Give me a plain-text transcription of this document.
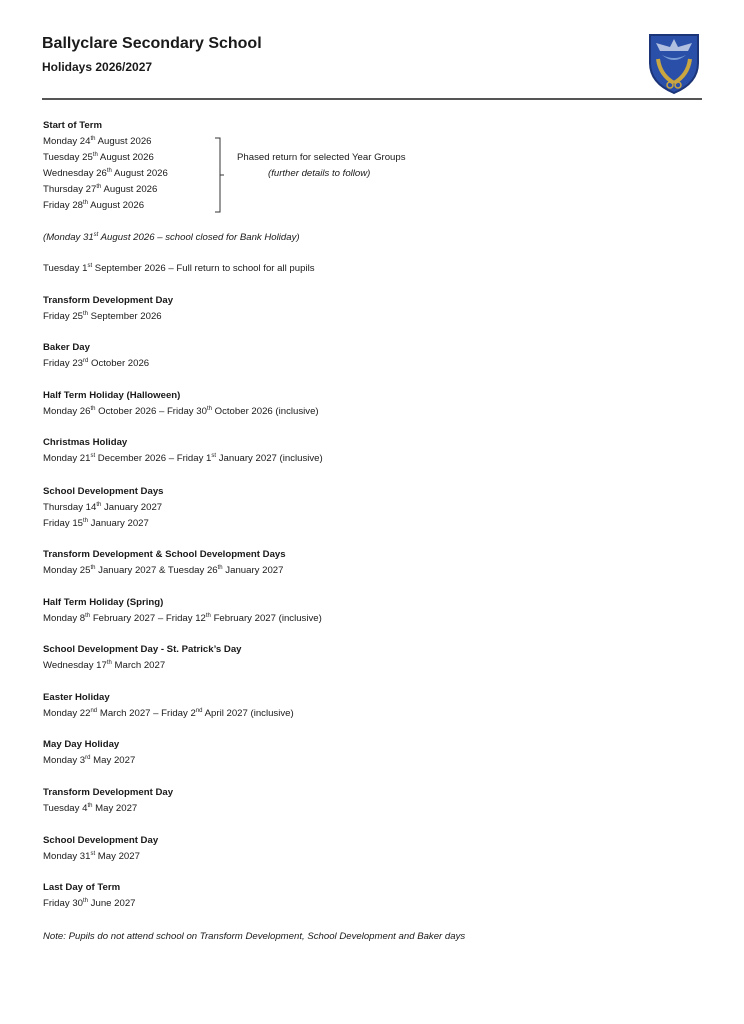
Ballyclare Secondary School
Holidays 2026/2027
Start of Term
Monday 24th August 2026
Tuesday 25th August 2026
Wednesday 26th August 2026
Thursday 27th August 2026
Friday 28th August 2026
Phased return for selected Year Groups
(further details to follow)
(Monday 31st August 2026 – school closed for Bank Holiday)
Tuesday 1st September 2026 – Full return to school for all pupils
Transform Development Day
Friday 25th September 2026
Baker Day
Friday 23rd October 2026
Half Term Holiday (Halloween)
Monday 26th October 2026 – Friday 30th October 2026 (inclusive)
Christmas Holiday
Monday 21st December 2026 – Friday 1st January 2027 (inclusive)
School Development Days
Thursday 14th January 2027
Friday 15th January 2027
Transform Development & School Development Days
Monday 25th January 2027 & Tuesday 26th January 2027
Half Term Holiday (Spring)
Monday 8th February 2027 – Friday 12th February 2027 (inclusive)
School Development Day - St. Patrick’s Day
Wednesday 17th March 2027
Easter Holiday
Monday 22nd March 2027 – Friday 2nd April 2027 (inclusive)
May Day Holiday
Monday 3rd May 2027
Transform Development Day
Tuesday 4th May 2027
School Development Day
Monday 31st May 2027
Last Day of Term
Friday 30th June 2027
Note: Pupils do not attend school on Transform Development, School Development and Baker days
